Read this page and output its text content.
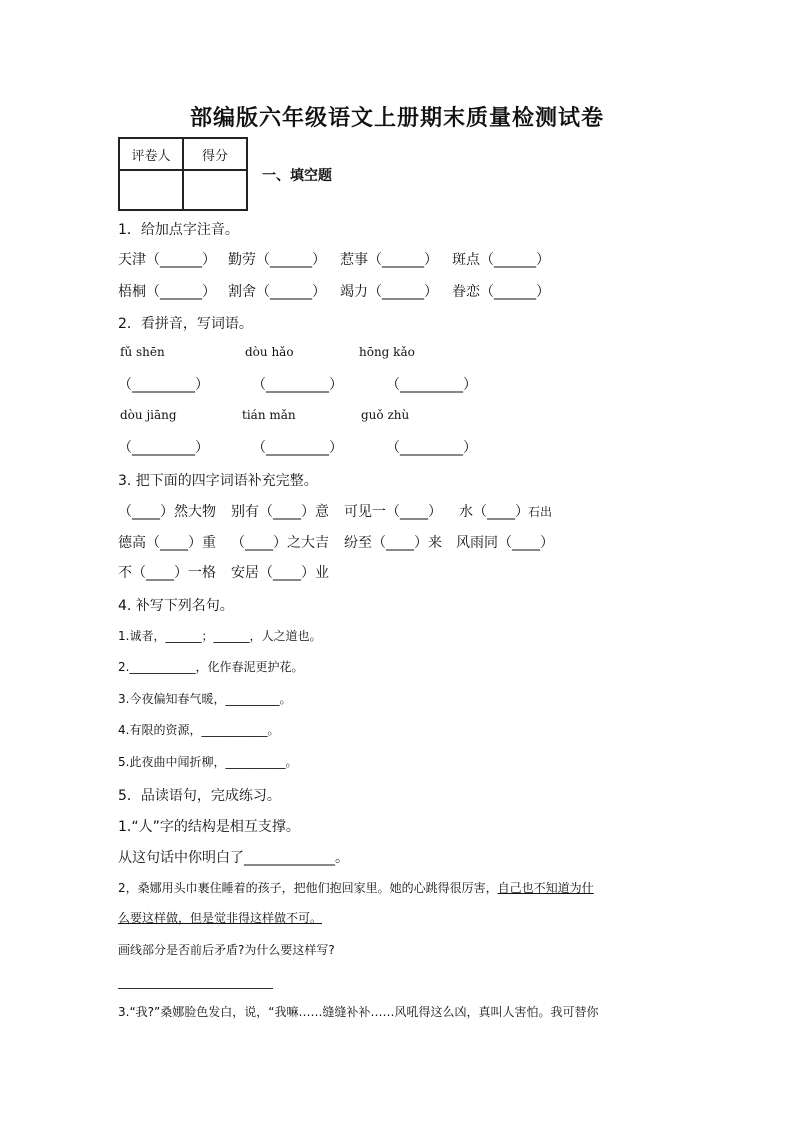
部编版六年级语文上册期末质量检测试卷
评卷人	得分

一、填空题
1．给加点字注音。
天津（______） 勤劳（______） 惹事（______） 斑点（______）
梧桐（______） 割舍（______） 竭力（______） 眷恋（______）
2．看拼音，写词语。
fǔ shēn	dòu hǎo	hōng kǎo
（_________）	（_________）	（_________）
dòu jiāng	tián mǎn	guǒ zhù
（_________）	（_________）	（_________）
3. 把下面的四字词语补充完整。
（____）然大物 别有（____）意 可见一（____） 水（____） 石出
德高（____）重 （____）之大吉 纷至（____）来 风雨同（____）
不（____）一格 安居（____）业
4. 补写下列名句。
1.诚者，______；______，人之道也。
2.___________，化作春泥更护花。
3.今夜偏知春气暖，_________。
4.有限的资源，___________。
5.此夜曲中闻折柳，__________。
5．品读语句，完成练习。
1.“人”字的结构是相互支撑。
从这句话中你明白了_____________。
2，桑娜用头巾裹住睡着的孩子，把他们抱回家里。她的心跳得很厉害，自己也不知道为什
么要这样做，但是觉非得这样做不可。
画线部分是否前后矛盾?为什么要这样写?
3.“我?”桑娜脸色发白，说，“我嘛……缝缝补补……风吼得这么凶，真叫人害怕。我可替你
